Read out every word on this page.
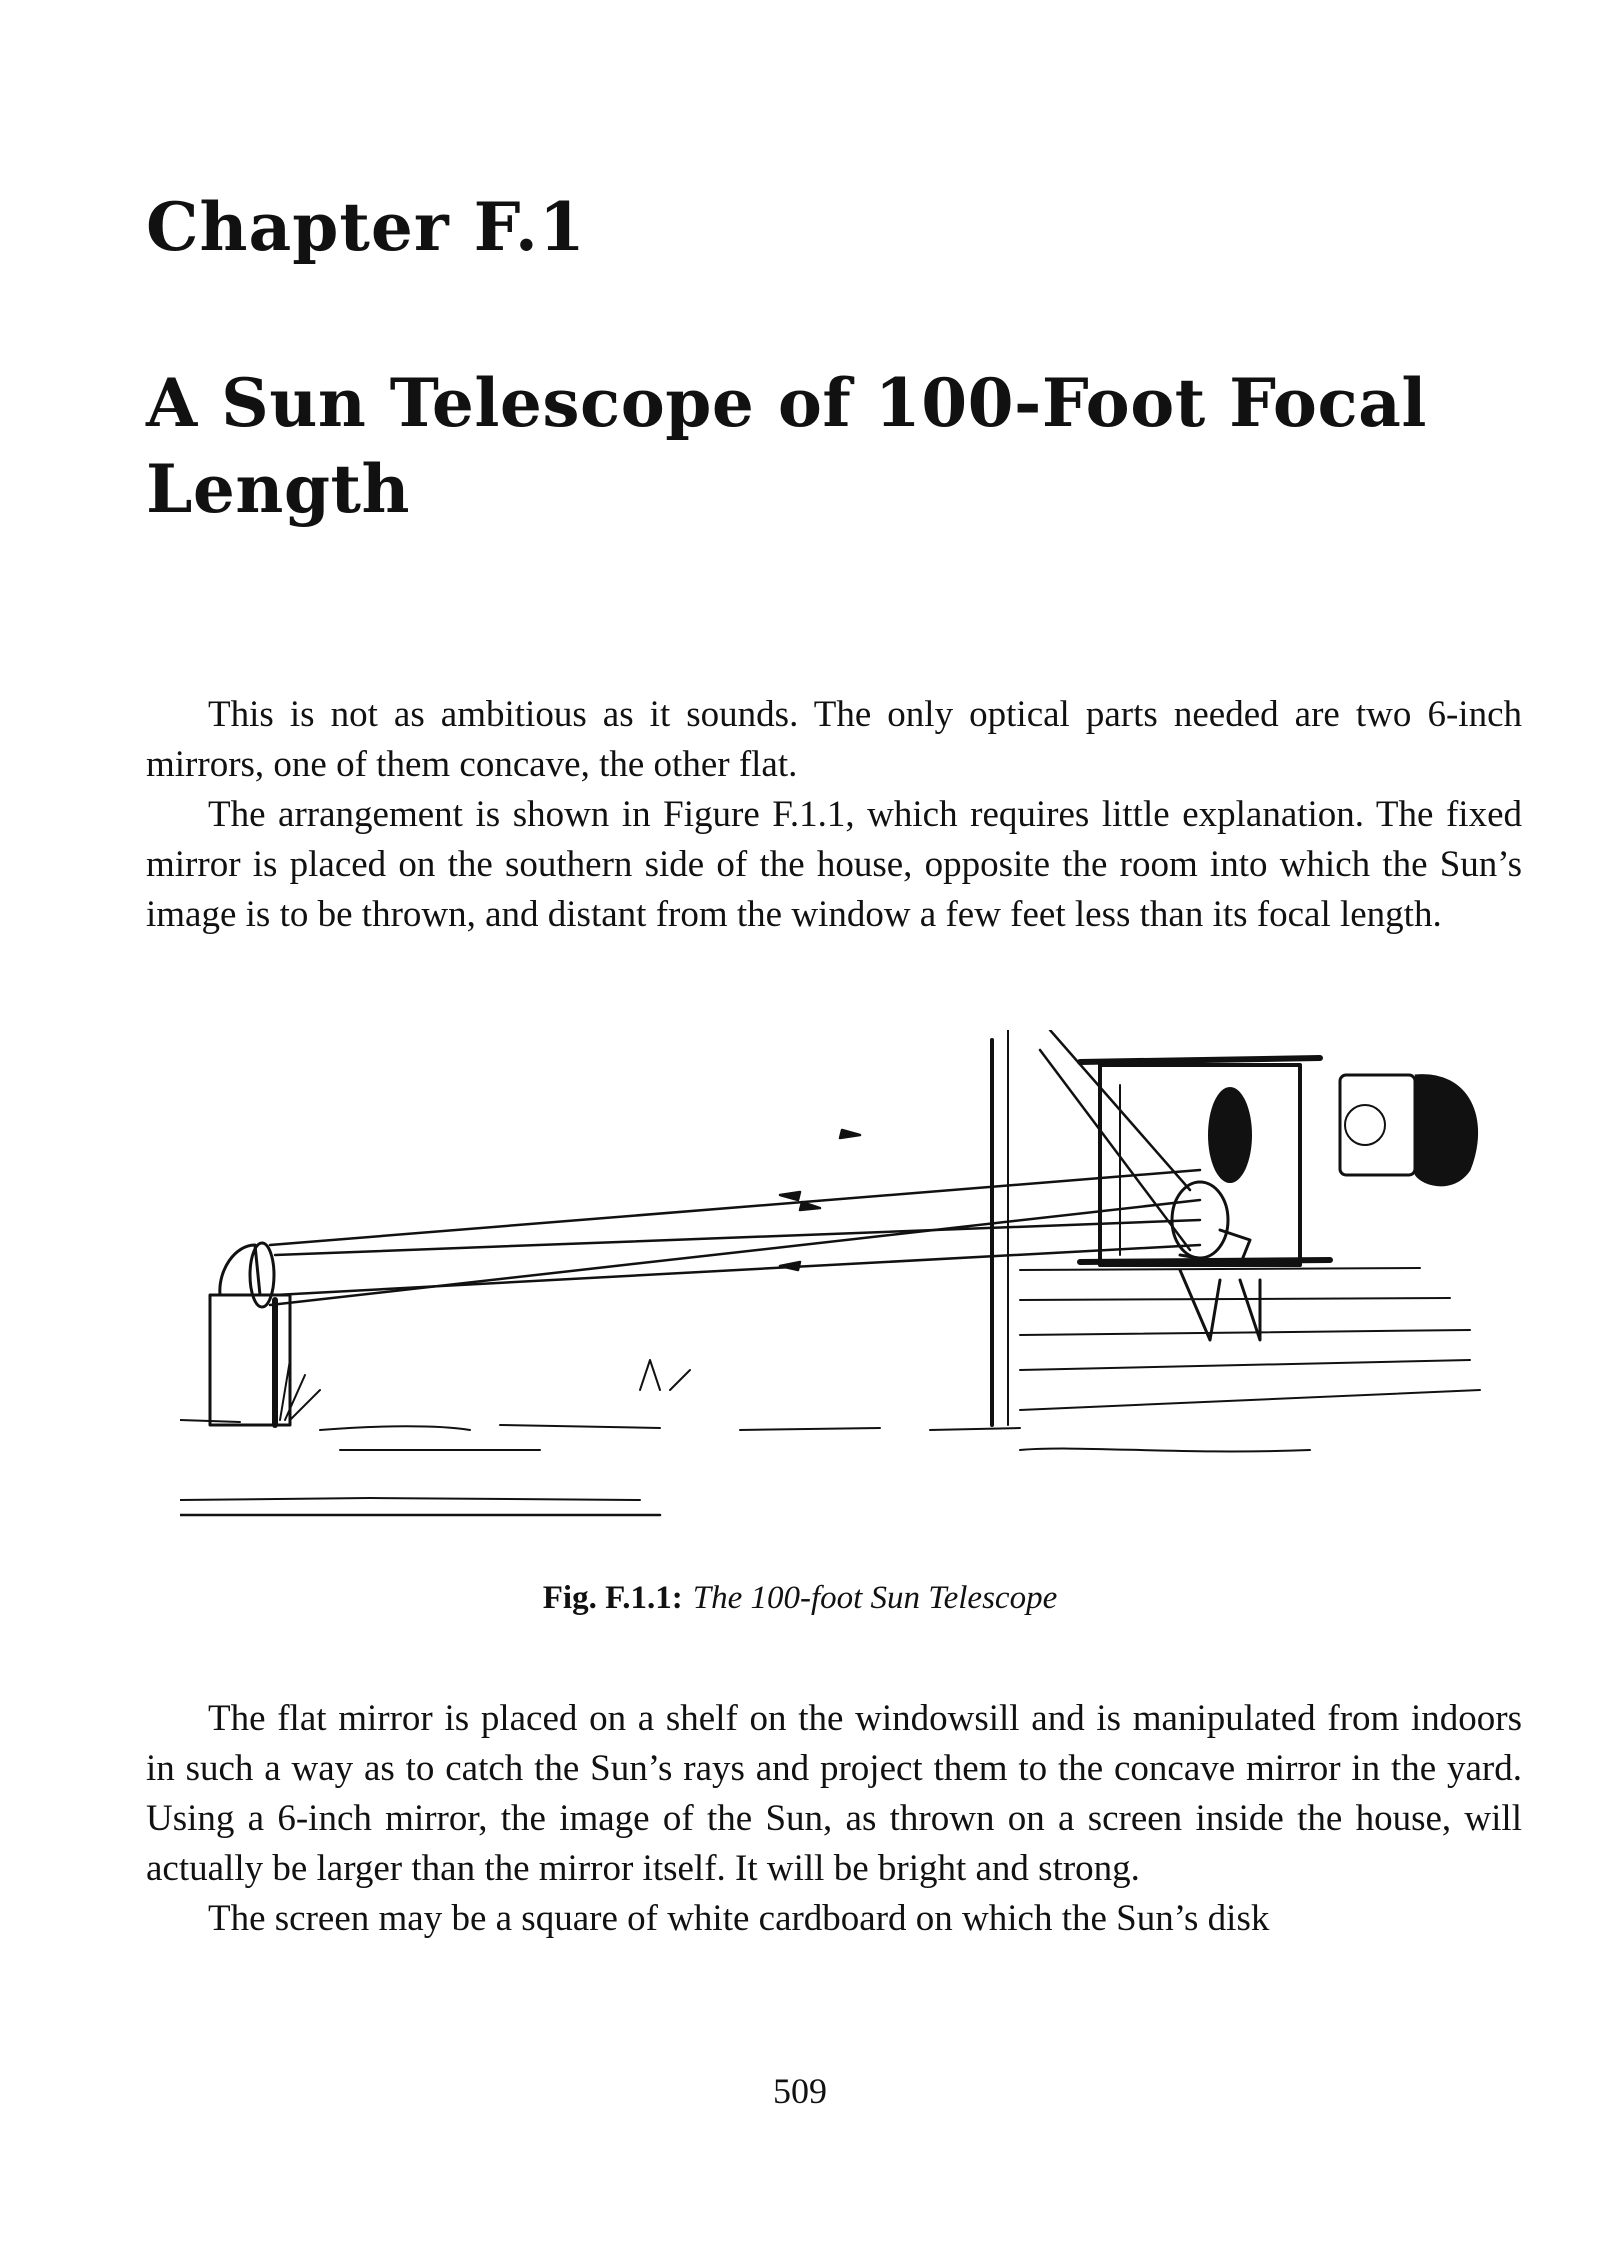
Chapter F.1
A Sun Telescope of 100-Foot Focal Length

This is not as ambitious as it sounds. The only optical parts needed are two 6-inch mirrors, one of them concave, the other flat.

The arrangement is shown in Figure F.1.1, which requires little explanation. The fixed mirror is placed on the southern side of the house, opposite the room into which the Sun’s image is to be thrown, and distant from the window a few feet less than its focal length.

Fig. F.1.1: The 100-foot Sun Telescope

The flat mirror is placed on a shelf on the windowsill and is manipulated from indoors in such a way as to catch the Sun’s rays and project them to the concave mirror in the yard. Using a 6-inch mirror, the image of the Sun, as thrown on a screen inside the house, will actually be larger than the mirror itself. It will be bright and strong.

The screen may be a square of white cardboard on which the Sun’s disk

509
